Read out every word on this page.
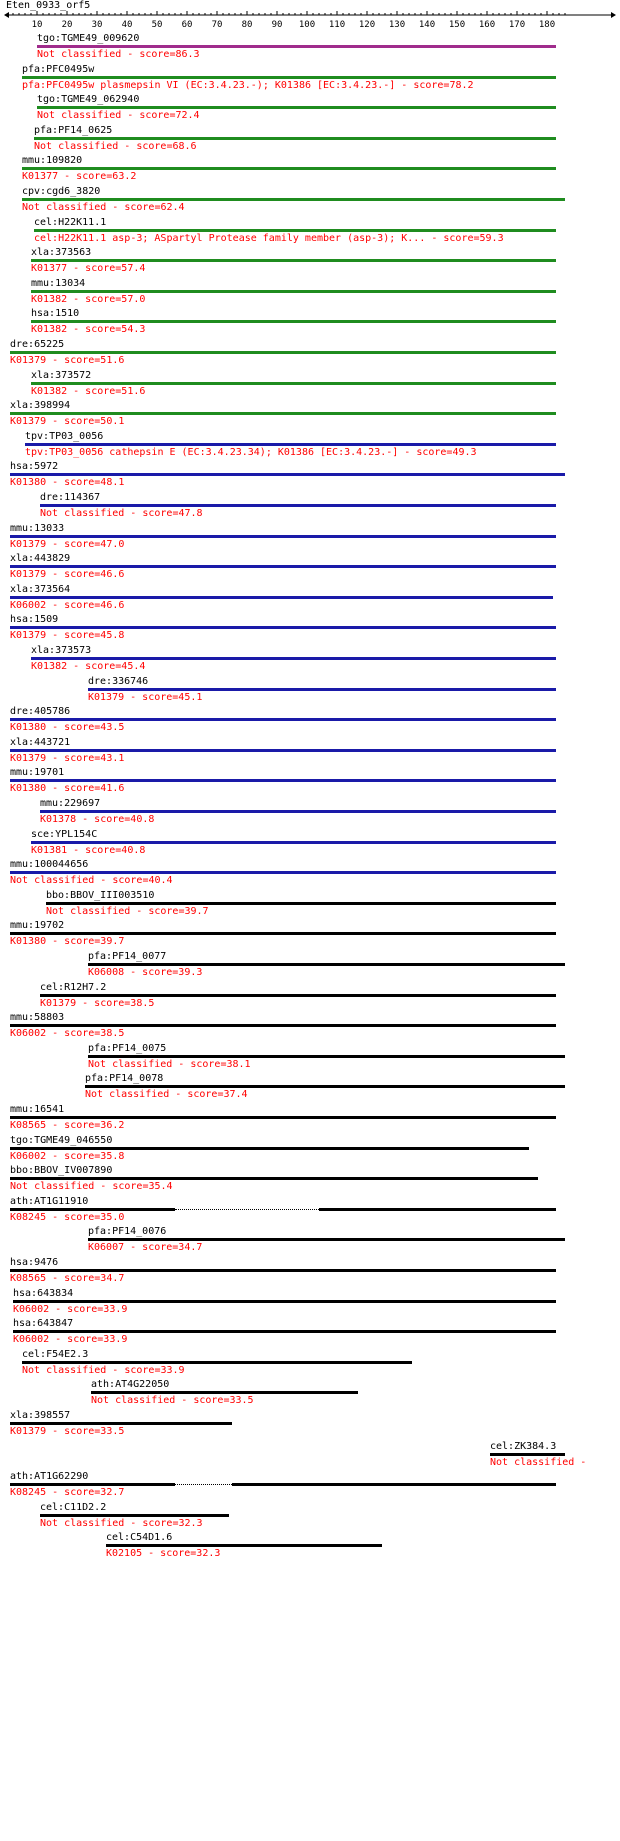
Eten_0933_orf5
10 20 30 40 50 60 70 80 90 100 110 120 130 140 150 160 170 180
tgo:TGME49_009620
Not classified - score=86.3
pfa:PFC0495w
pfa:PFC0495w plasmepsin VI (EC:3.4.23.-); K01386 [EC:3.4.23.-] - score=78.2
tgo:TGME49_062940
Not classified - score=72.4
pfa:PF14_0625
Not classified - score=68.6
mmu:109820
K01377 - score=63.2
cpv:cgd6_3820
Not classified - score=62.4
cel:H22K11.1
cel:H22K11.1 asp-3; ASpartyl Protease family member (asp-3); K... - score=59.3
xla:373563
K01377 - score=57.4
mmu:13034
K01382 - score=57.0
hsa:1510
K01382 - score=54.3
dre:65225
K01379 - score=51.6
xla:373572
K01382 - score=51.6
xla:398994
K01379 - score=50.1
tpv:TP03_0056
tpv:TP03_0056 cathepsin E (EC:3.4.23.34); K01386 [EC:3.4.23.-] - score=49.3
hsa:5972
K01380 - score=48.1
dre:114367
Not classified - score=47.8
mmu:13033
K01379 - score=47.0
xla:443829
K01379 - score=46.6
xla:373564
K06002 - score=46.6
hsa:1509
K01379 - score=45.8
xla:373573
K01382 - score=45.4
dre:336746
K01379 - score=45.1
dre:405786
K01380 - score=43.5
xla:443721
K01379 - score=43.1
mmu:19701
K01380 - score=41.6
mmu:229697
K01378 - score=40.8
sce:YPL154C
K01381 - score=40.8
mmu:100044656
Not classified - score=40.4
bbo:BBOV_III003510
Not classified - score=39.7
mmu:19702
K01380 - score=39.7
pfa:PF14_0077
K06008 - score=39.3
cel:R12H7.2
K01379 - score=38.5
mmu:58803
K06002 - score=38.5
pfa:PF14_0075
Not classified - score=38.1
pfa:PF14_0078
Not classified - score=37.4
mmu:16541
K08565 - score=36.2
tgo:TGME49_046550
K06002 - score=35.8
bbo:BBOV_IV007890
Not classified - score=35.4
ath:AT1G11910
K08245 - score=35.0
pfa:PF14_0076
K06007 - score=34.7
hsa:9476
K08565 - score=34.7
hsa:643834
K06002 - score=33.9
hsa:643847
K06002 - score=33.9
cel:F54E2.3
Not classified - score=33.9
ath:AT4G22050
Not classified - score=33.5
xla:398557
K01379 - score=33.5
cel:ZK384.3
Not classified -
ath:AT1G62290
K08245 - score=32.7
cel:C11D2.2
Not classified - score=32.3
cel:C54D1.6
K02105 - score=32.3
